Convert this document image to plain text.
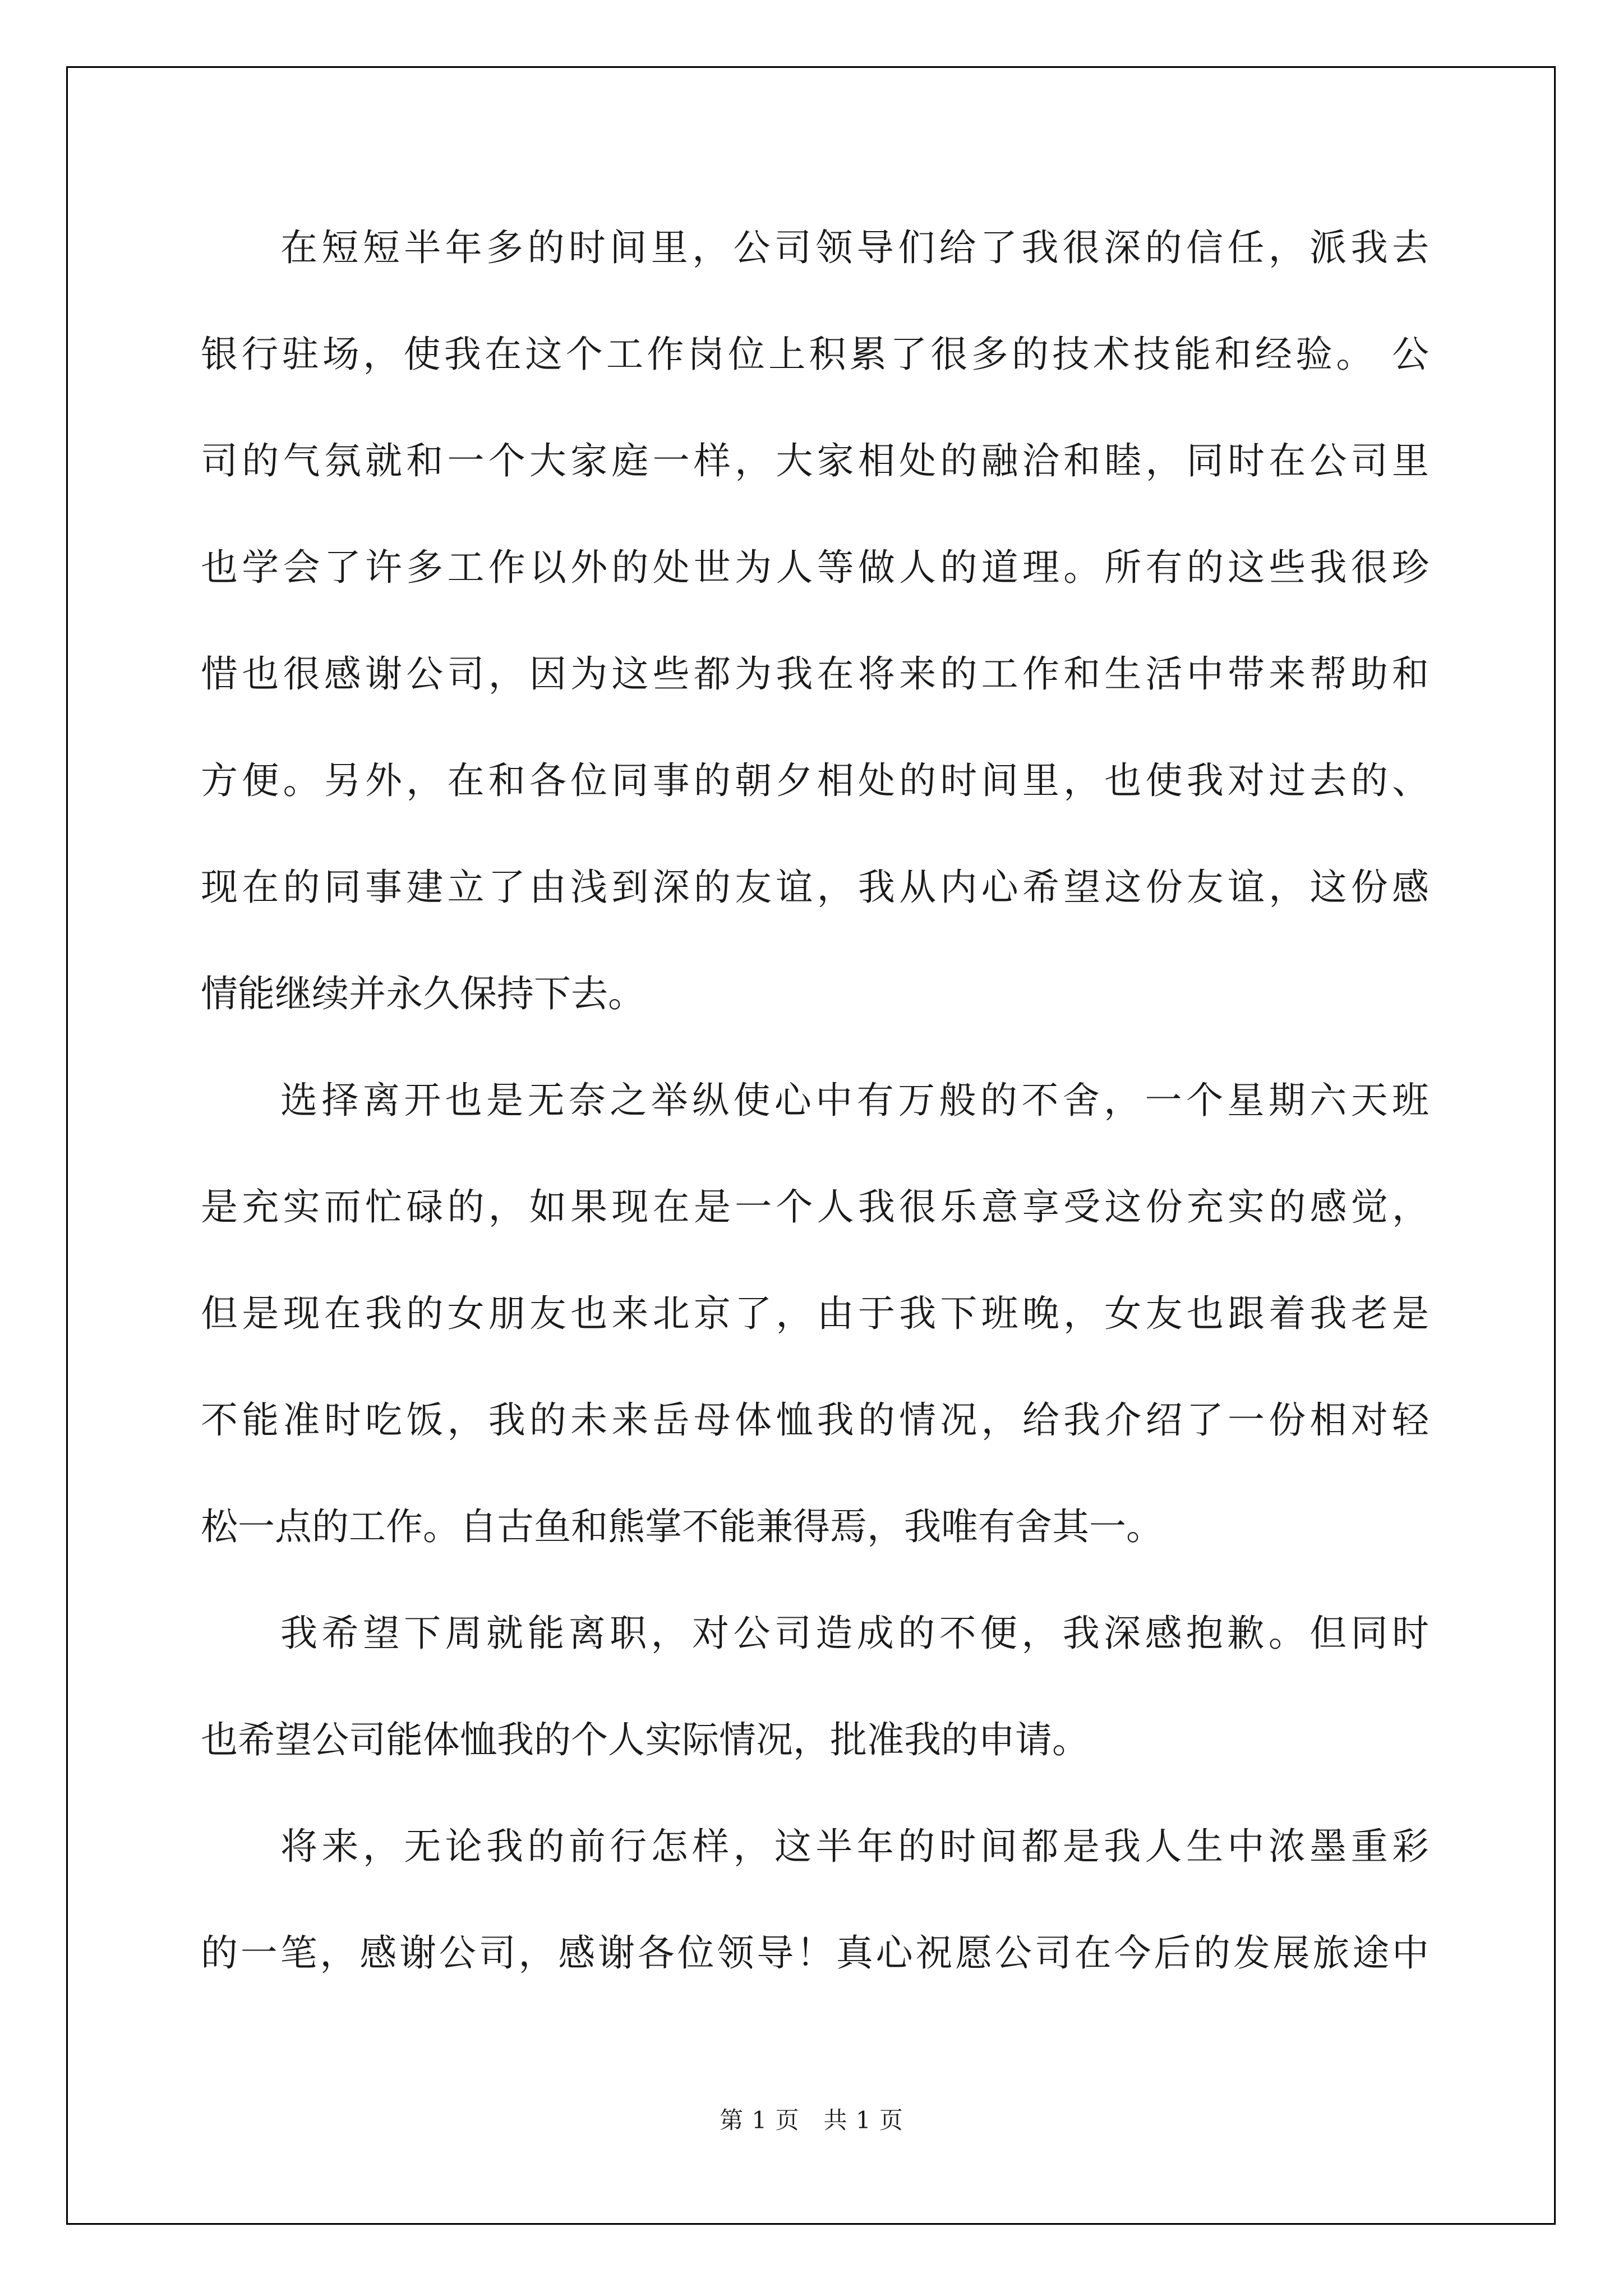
在短短半年多的时间里，公司领导们给了我很深的信任，派我去
银行驻场，使我在这个工作岗位上积累了很多的技术技能和经验。 公
司的气氛就和一个大家庭一样，大家相处的融洽和睦，同时在公司里
也学会了许多工作以外的处世为人等做人的道理。所有的这些我很珍
惜也很感谢公司，因为这些都为我在将来的工作和生活中带来帮助和
方便。另外，在和各位同事的朝夕相处的时间里，也使我对过去的、
现在的同事建立了由浅到深的友谊，我从内心希望这份友谊，这份感
情能继续并永久保持下去。
选择离开也是无奈之举纵使心中有万般的不舍，一个星期六天班
是充实而忙碌的，如果现在是一个人我很乐意享受这份充实的感觉，
但是现在我的女朋友也来北京了，由于我下班晚，女友也跟着我老是
不能准时吃饭，我的未来岳母体恤我的情况，给我介绍了一份相对轻
松一点的工作。自古鱼和熊掌不能兼得焉，我唯有舍其一。
我希望下周就能离职，对公司造成的不便，我深感抱歉。但同时
也希望公司能体恤我的个人实际情况，批准我的申请。
将来，无论我的前行怎样，这半年的时间都是我人生中浓墨重彩
的一笔，感谢公司，感谢各位领导！真心祝愿公司在今后的发展旅途中
第 1 页　共 1 页
